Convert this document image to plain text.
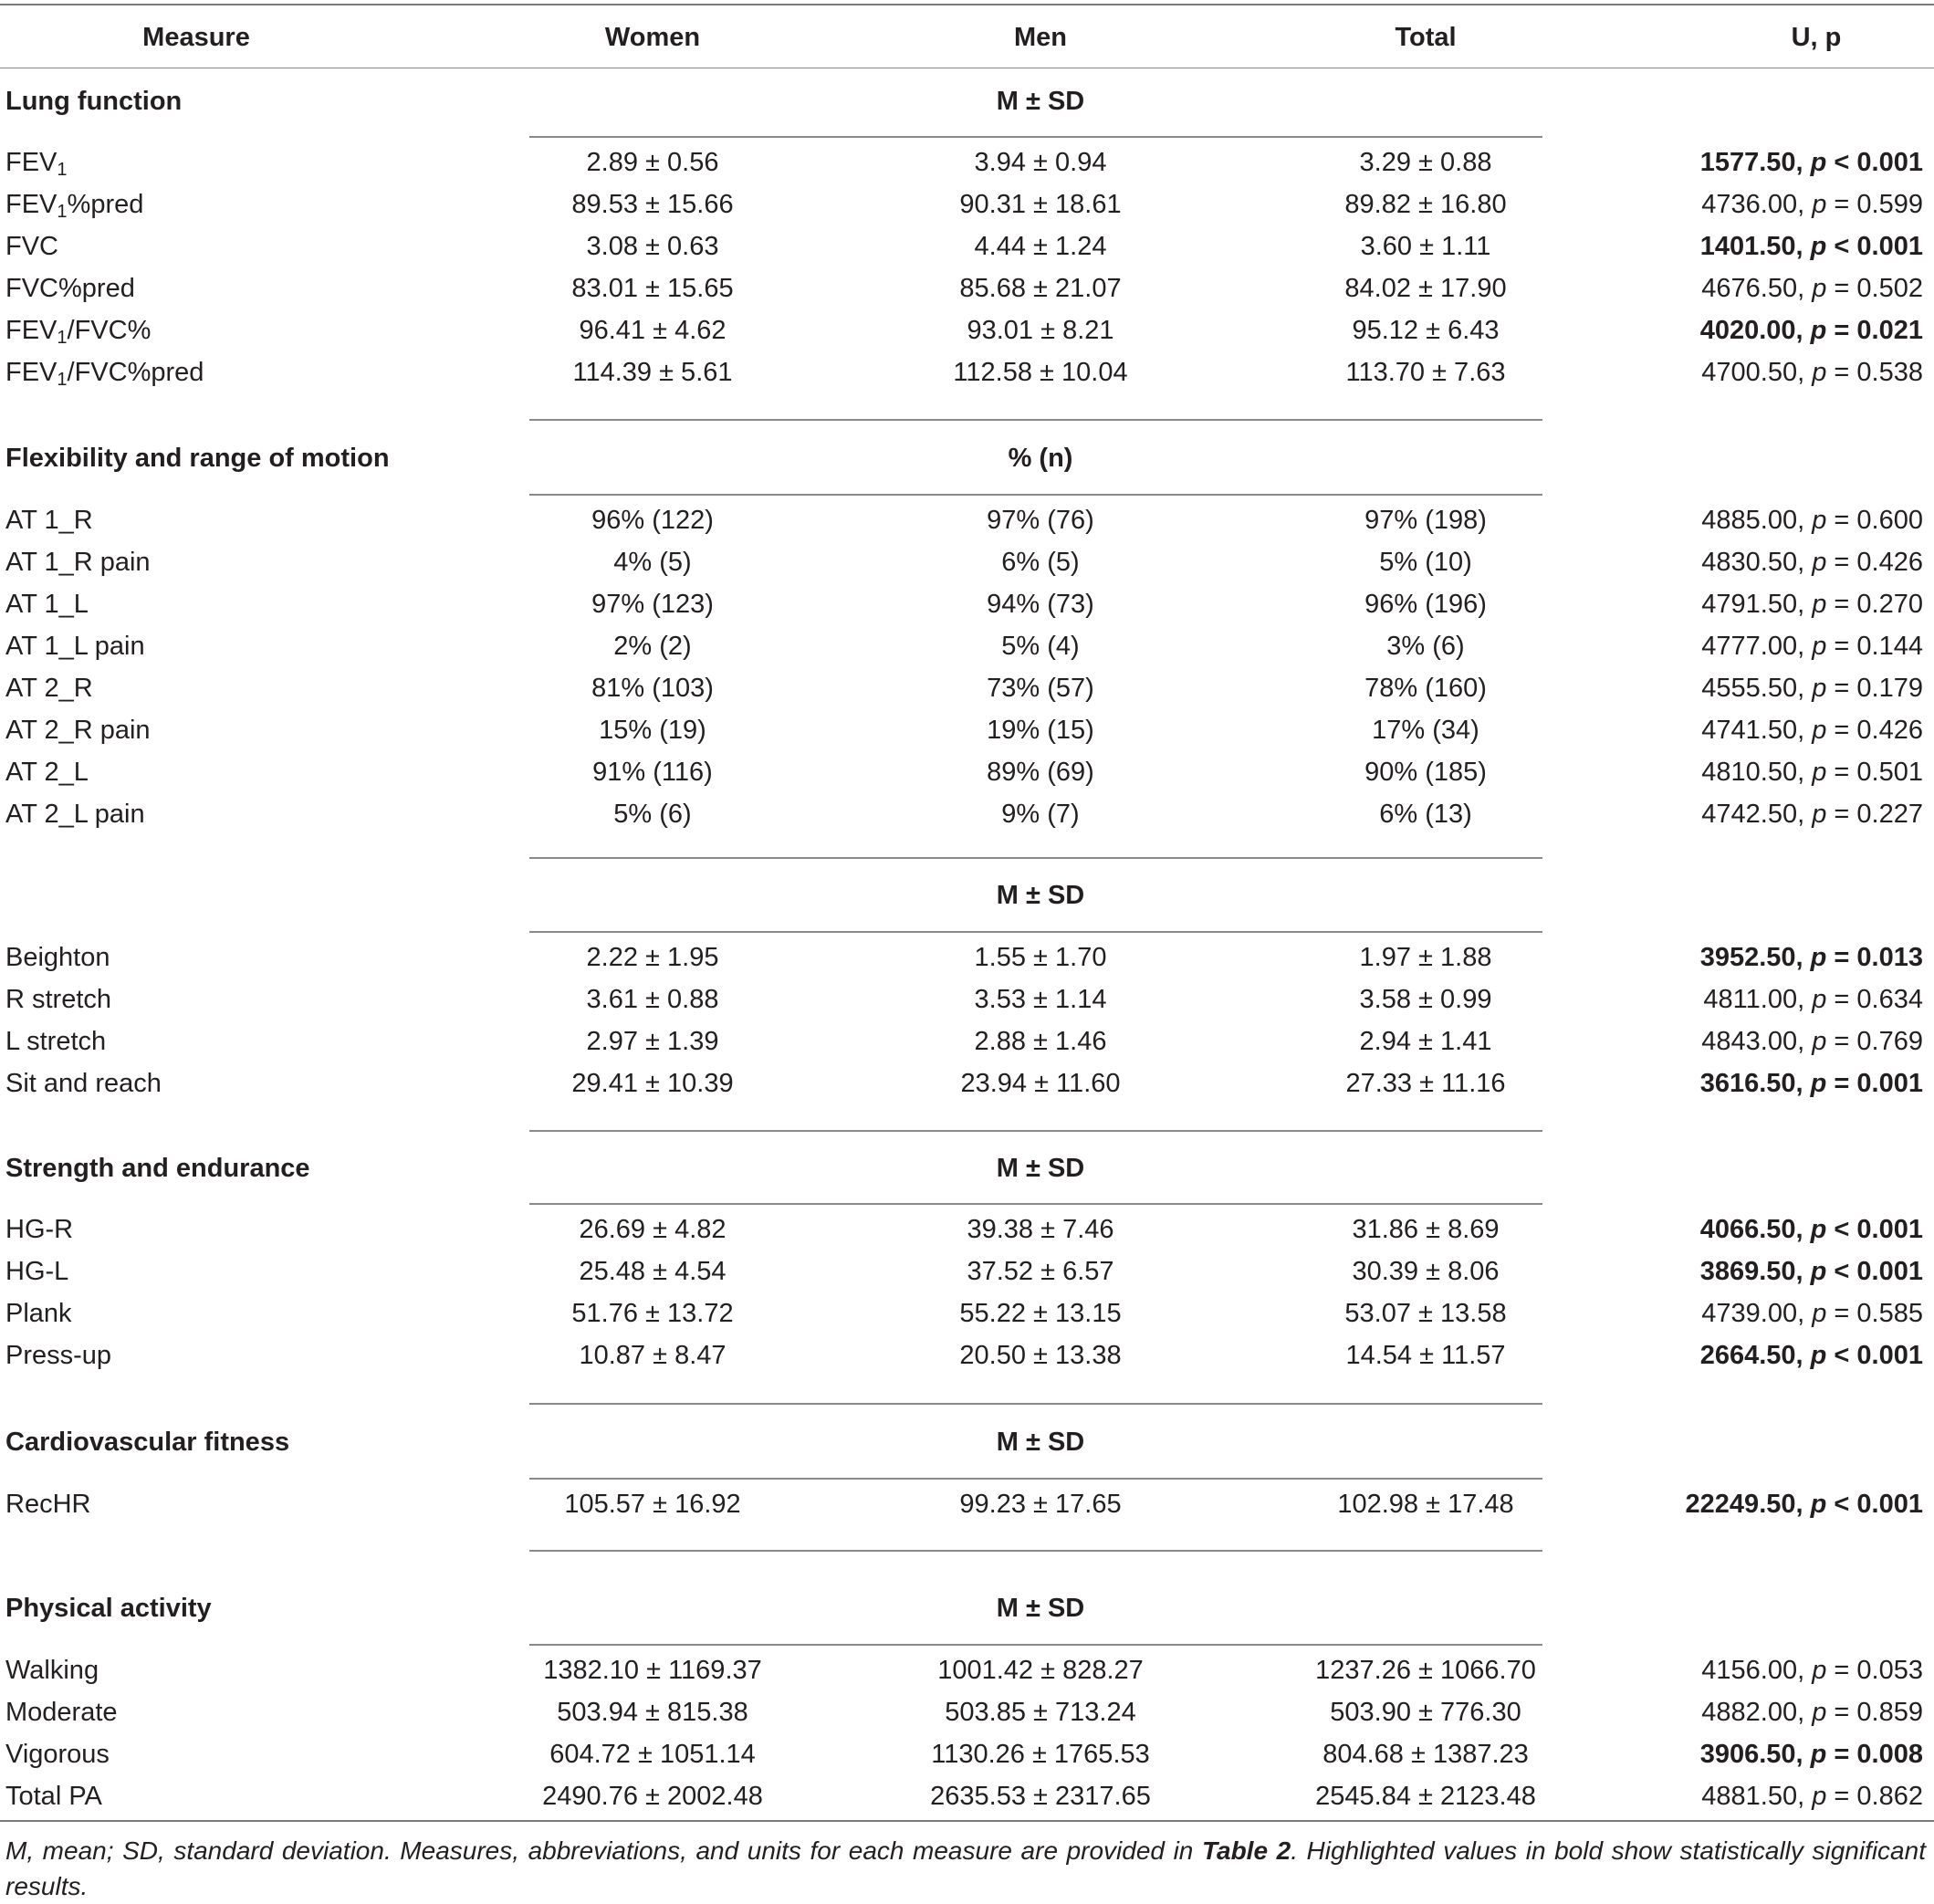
Measure	Women	Men	Total	U, p
Lung function	M ± SD
$FEV_1$	2.89 ± 0.56	3.94 ± 0.94	3.29 ± 0.88	1577.50, p < 0.001
$FEV_1\%pred$	89.53 ± 15.66	90.31 ± 18.61	89.82 ± 16.80	4736.00, p = 0.599
FVC	3.08 ± 0.63	4.44 ± 1.24	3.60 ± 1.11	1401.50, p < 0.001
FVC%pred	83.01 ± 15.65	85.68 ± 21.07	84.02 ± 17.90	4676.50, p = 0.502
$FEV_1/FVC\%$	96.41 ± 4.62	93.01 ± 8.21	95.12 ± 6.43	4020.00, p = 0.021
$FEV_1/FVC\%pred$	114.39 ± 5.61	112.58 ± 10.04	113.70 ± 7.63	4700.50, p = 0.538
Flexibility and range of motion	% (n)
AT 1_R	96% (122)	97% (76)	97% (198)	4885.00, p = 0.600
AT 1_R pain	4% (5)	6% (5)	5% (10)	4830.50, p = 0.426
AT 1_L	97% (123)	94% (73)	96% (196)	4791.50, p = 0.270
AT 1_L pain	2% (2)	5% (4)	3% (6)	4777.00, p = 0.144
AT 2_R	81% (103)	73% (57)	78% (160)	4555.50, p = 0.179
AT 2_R pain	15% (19)	19% (15)	17% (34)	4741.50, p = 0.426
AT 2_L	91% (116)	89% (69)	90% (185)	4810.50, p = 0.501
AT 2_L pain	5% (6)	9% (7)	6% (13)	4742.50, p = 0.227
M ± SD
Beighton	2.22 ± 1.95	1.55 ± 1.70	1.97 ± 1.88	3952.50, p = 0.013
R stretch	3.61 ± 0.88	3.53 ± 1.14	3.58 ± 0.99	4811.00, p = 0.634
L stretch	2.97 ± 1.39	2.88 ± 1.46	2.94 ± 1.41	4843.00, p = 0.769
Sit and reach	29.41 ± 10.39	23.94 ± 11.60	27.33 ± 11.16	3616.50, p = 0.001
Strength and endurance	M ± SD
HG-R	26.69 ± 4.82	39.38 ± 7.46	31.86 ± 8.69	4066.50, p < 0.001
HG-L	25.48 ± 4.54	37.52 ± 6.57	30.39 ± 8.06	3869.50, p < 0.001
Plank	51.76 ± 13.72	55.22 ± 13.15	53.07 ± 13.58	4739.00, p = 0.585
Press-up	10.87 ± 8.47	20.50 ± 13.38	14.54 ± 11.57	2664.50, p < 0.001
Cardiovascular fitness	M ± SD
RecHR	105.57 ± 16.92	99.23 ± 17.65	102.98 ± 17.48	22249.50, p < 0.001
Physical activity	M ± SD
Walking	1382.10 ± 1169.37	1001.42 ± 828.27	1237.26 ± 1066.70	4156.00, p = 0.053
Moderate	503.94 ± 815.38	503.85 ± 713.24	503.90 ± 776.30	4882.00, p = 0.859
Vigorous	604.72 ± 1051.14	1130.26 ± 1765.53	804.68 ± 1387.23	3906.50, p = 0.008
Total PA	2490.76 ± 2002.48	2635.53 ± 2317.65	2545.84 ± 2123.48	4881.50, p = 0.862
M, mean; SD, standard deviation. Measures, abbreviations, and units for each measure are provided in Table 2. Highlighted values in bold show statistically significant results.
